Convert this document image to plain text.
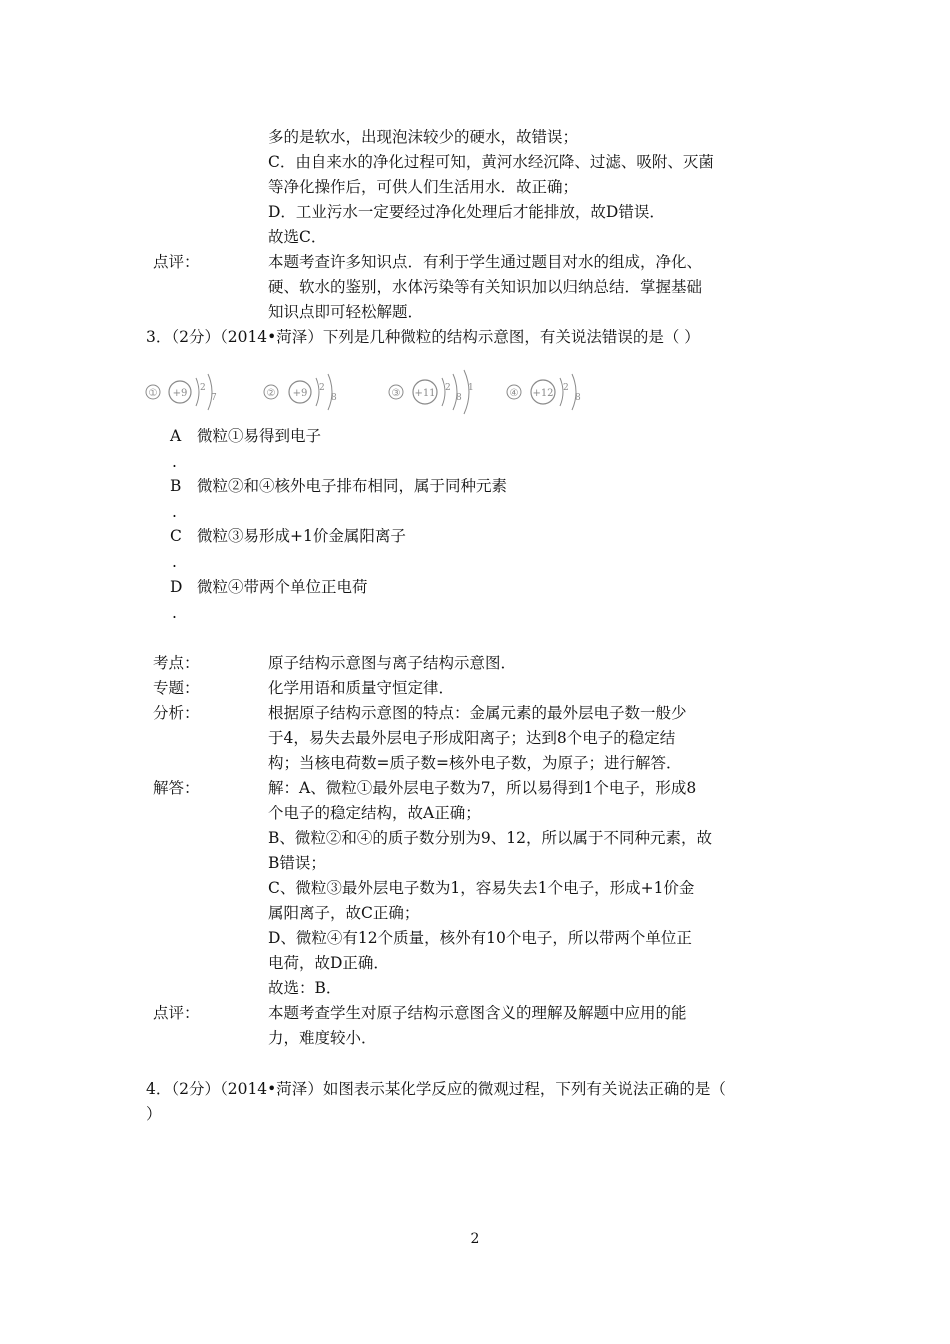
多的是软水，出现泡沫较少的硬水，故错误；
C．由自来水的净化过程可知，黄河水经沉降、过滤、吸附、灭菌
等净化操作后，可供人们生活用水．故正确；
D．工业污水一定要经过净化处理后才能排放，故D错误．
故选C．
点评：	本题考查许多知识点．有利于学生通过题目对水的组成，净化、
硬、软水的鉴别，水体污染等有关知识加以归纳总结．掌握基础
知识点即可轻松解题．
3．（2分）（2014•菏泽）下列是几种微粒的结构示意图，有关说法错误的是（ ）
① +9 2
7	② +9 2
8	③ +11 2
8
1	④ +12 2
8
A 微粒①易得到电子
.
B 微粒②和④核外电子排布相同，属于同种元素
.
C 微粒③易形成+1价金属阳离子
.
D 微粒④带两个单位正电荷
.
考点：	原子结构示意图与离子结构示意图．
专题：	化学用语和质量守恒定律．
分析：	根据原子结构示意图的特点：金属元素的最外层电子数一般少
于4，易失去最外层电子形成阳离子；达到8个电子的稳定结
构；当核电荷数=质子数=核外电子数，为原子；进行解答．
解答：	解：A、微粒①最外层电子数为7，所以易得到1个电子，形成8
个电子的稳定结构，故A正确；
B、微粒②和④的质子数分别为9、12，所以属于不同种元素，故
B错误；
C、微粒③最外层电子数为1，容易失去1个电子，形成+1价金
属阳离子，故C正确；
D、微粒④有12个质量，核外有10个电子，所以带两个单位正
电荷，故D正确．
故选：B．
点评：	本题考查学生对原子结构示意图含义的理解及解题中应用的能
力，难度较小．
4．（2分）（2014•菏泽）如图表示某化学反应的微观过程，下列有关说法正确的是（
）
2
